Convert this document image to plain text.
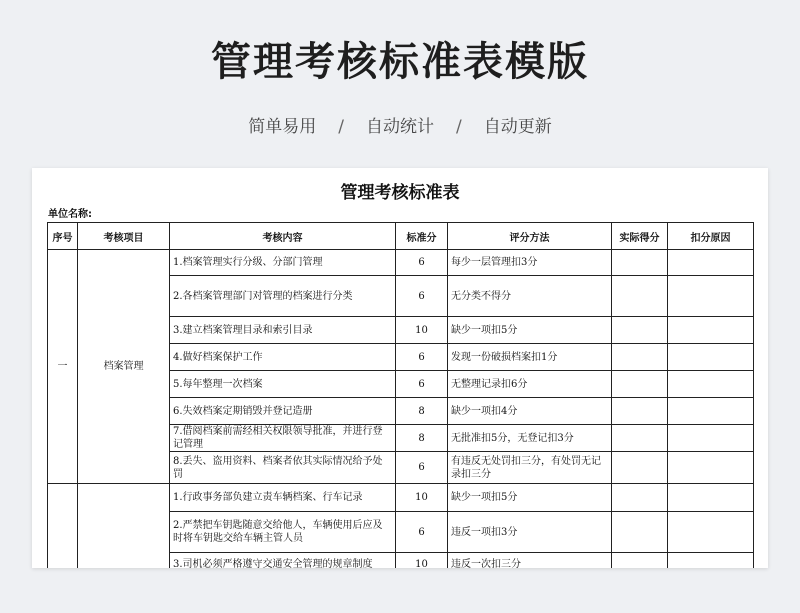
管理考核标准表模版
简单易用 / 自动统计 / 自动更新
管理考核标准表
单位名称:
序号	考核项目	考核内容	标准分	评分方法	实际得分	扣分原因
一	档案管理	1.档案管理实行分级、分部门管理	6	每少一层管理扣3分		
		2.各档案管理部门对管理的档案进行分类	6	无分类不得分		
		3.建立档案管理目录和索引目录	10	缺少一项扣5分		
		4.做好档案保护工作	6	发现一份破损档案扣1分		
		5.每年整理一次档案	6	无整理记录扣6分		
		6.失效档案定期销毁并登记造册	8	缺少一项扣4分		
		7.借阅档案前需经相关权限领导批准，并进行登记管理	8	无批准扣5分，无登记扣3分		
		8.丢失、盗用资料、档案者依其实际情况给予处罚	6	有违反无处罚扣三分，有处罚无记录扣三分		
		1.行政事务部负建立责车辆档案、行车记录	10	缺少一项扣5分		
		2.严禁把车钥匙随意交给他人，车辆使用后应及时将车钥匙交给车辆主管人员	6	违反一项扣3分		
		3.司机必须严格遵守交通安全管理的规章制度	10	违反一次扣三分		
